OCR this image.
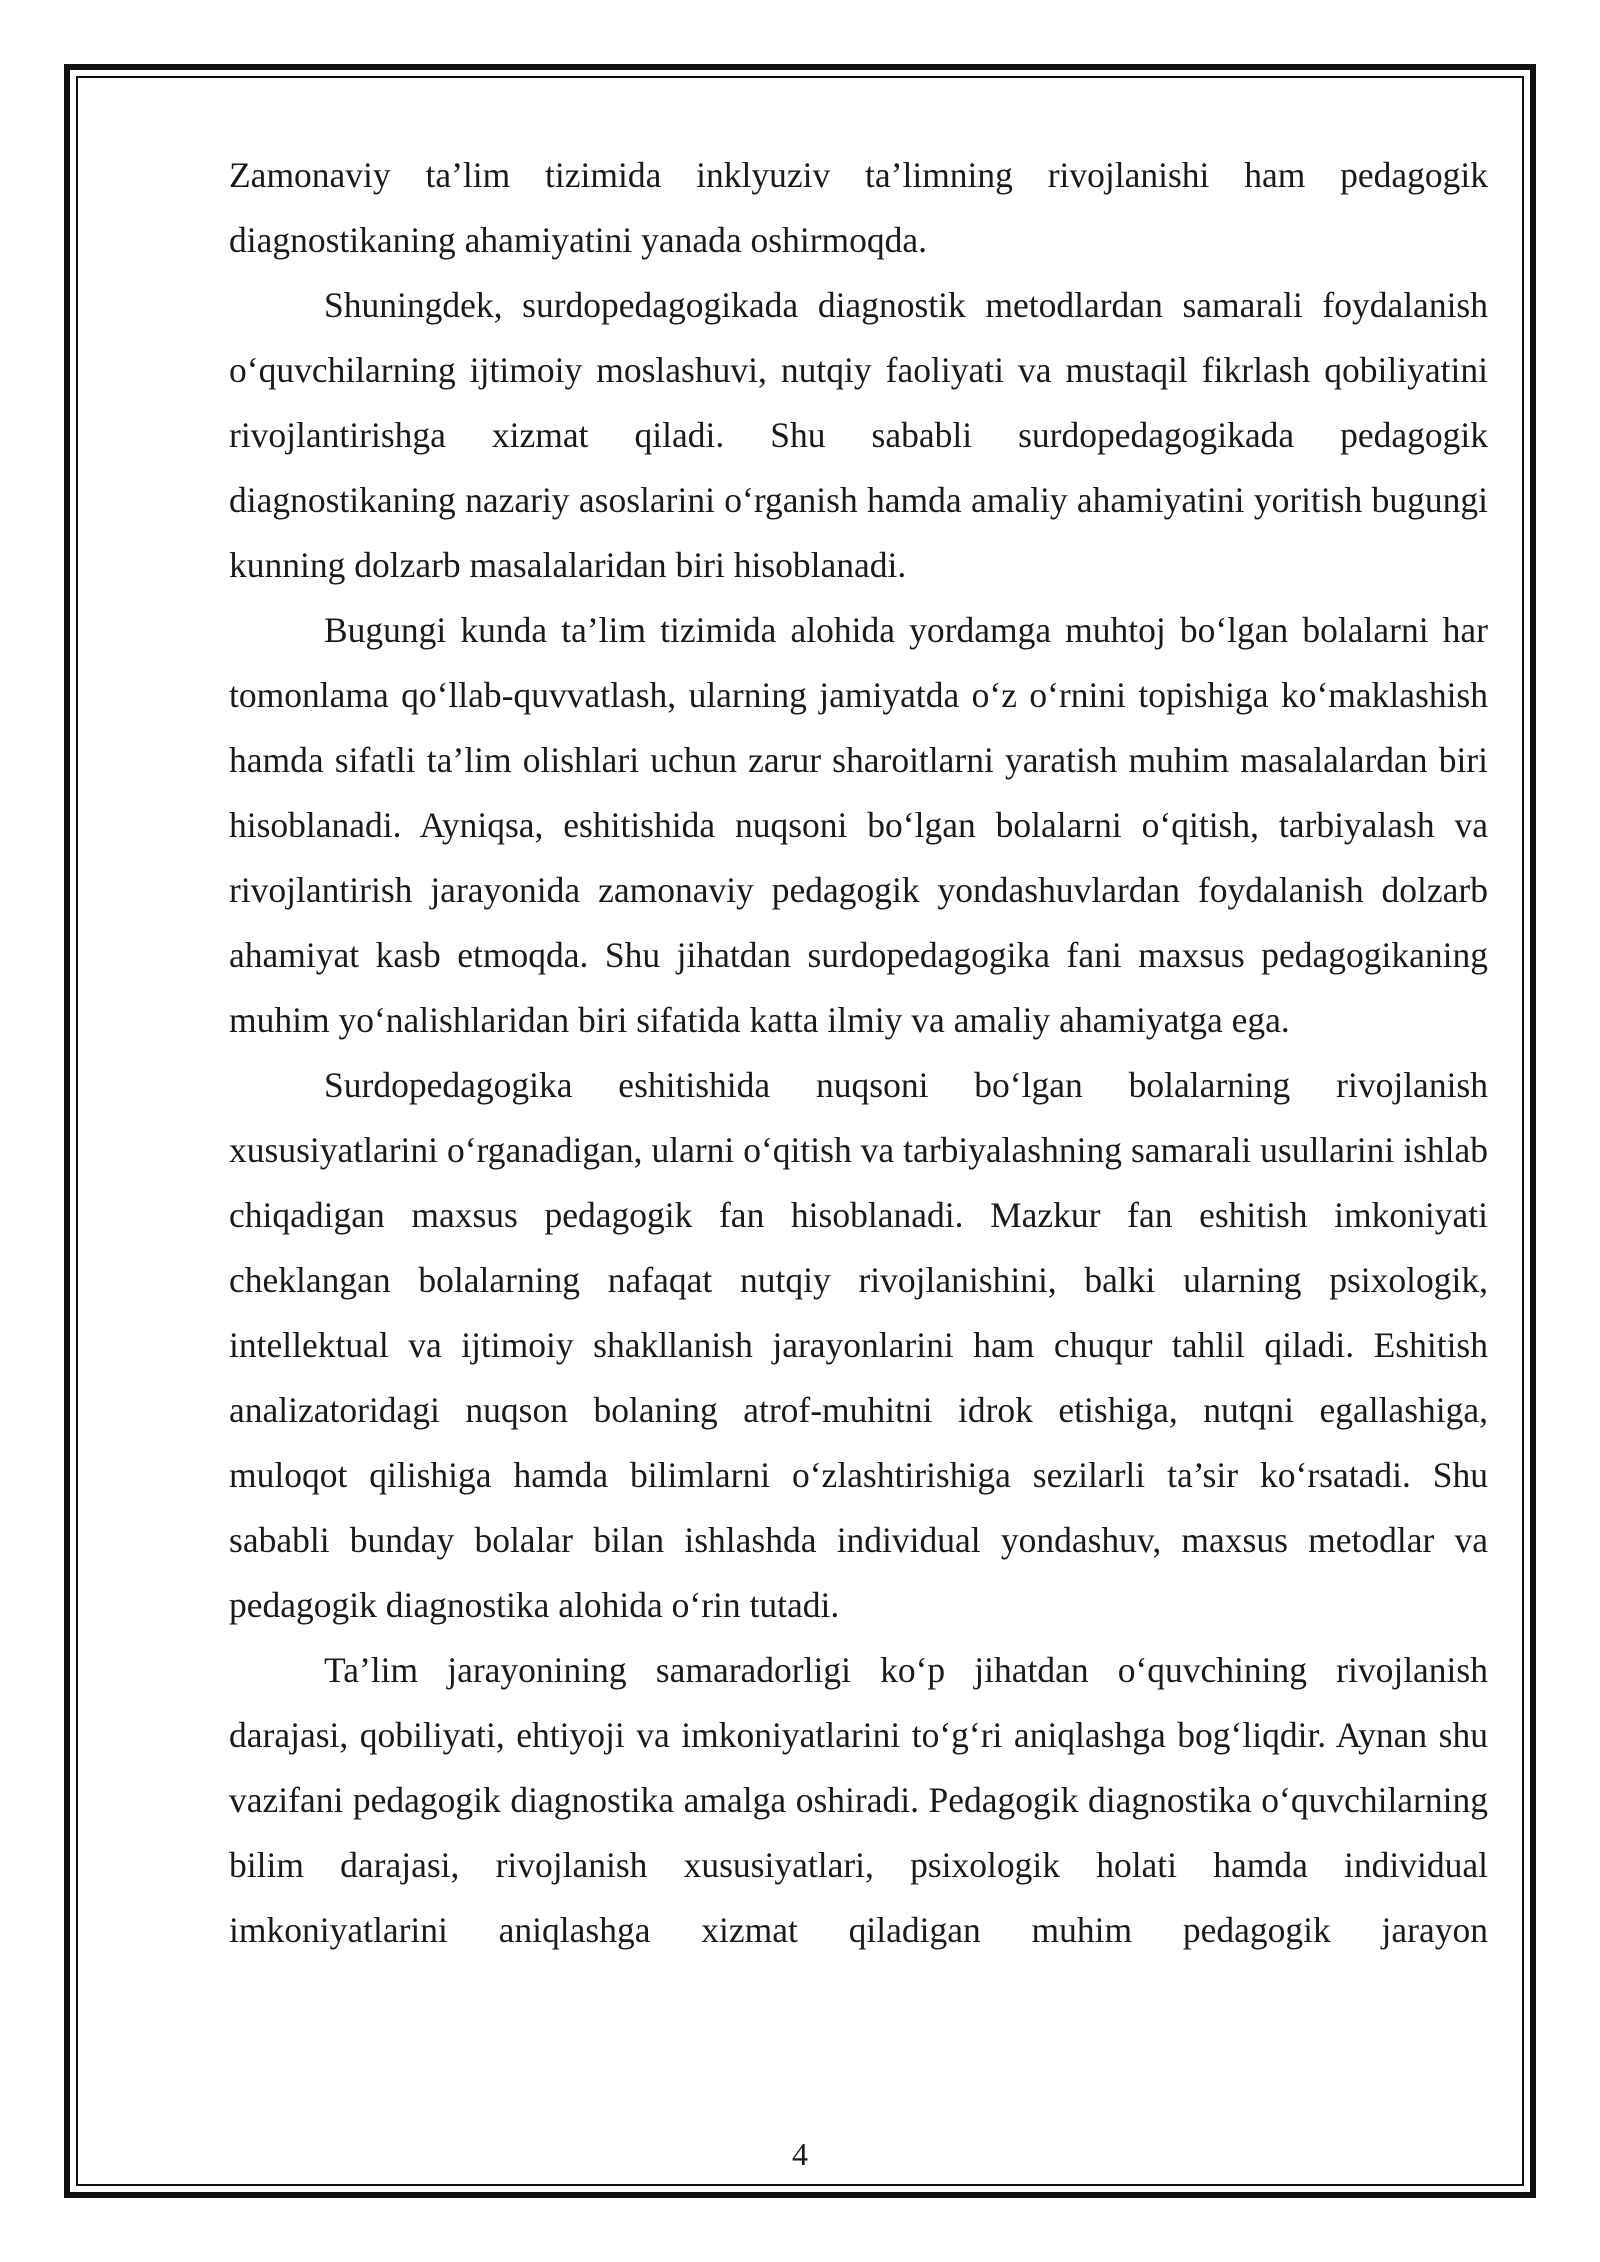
Zamonaviy ta’lim tizimida inklyuziv ta’limning rivojlanishi ham pedagogik diagnostikaning ahamiyatini yanada oshirmoqda.

Shuningdek, surdopedagogikada diagnostik metodlardan samarali foydalanish o‘quvchilarning ijtimoiy moslashuvi, nutqiy faoliyati va mustaqil fikrlash qobiliyatini rivojlantirishga xizmat qiladi. Shu sababli surdopedagogikada pedagogik diagnostikaning nazariy asoslarini o‘rganish hamda amaliy ahamiyatini yoritish bugungi kunning dolzarb masalalaridan biri hisoblanadi.

Bugungi kunda ta’lim tizimida alohida yordamga muhtoj bo‘lgan bolalarni har tomonlama qo‘llab-quvvatlash, ularning jamiyatda o‘z o‘rnini topishiga ko‘maklashish hamda sifatli ta’lim olishlari uchun zarur sharoitlarni yaratish muhim masalalardan biri hisoblanadi. Ayniqsa, eshitishida nuqsoni bo‘lgan bolalarni o‘qitish, tarbiyalash va rivojlantirish jarayonida zamonaviy pedagogik yondashuvlardan foydalanish dolzarb ahamiyat kasb etmoqda. Shu jihatdan surdopedagogika fani maxsus pedagogikaning muhim yo‘nalishlaridan biri sifatida katta ilmiy va amaliy ahamiyatga ega.

Surdopedagogika eshitishida nuqsoni bo‘lgan bolalarning rivojlanish xususiyatlarini o‘rganadigan, ularni o‘qitish va tarbiyalashning samarali usullarini ishlab chiqadigan maxsus pedagogik fan hisoblanadi. Mazkur fan eshitish imkoniyati cheklangan bolalarning nafaqat nutqiy rivojlanishini, balki ularning psixologik, intellektual va ijtimoiy shakllanish jarayonlarini ham chuqur tahlil qiladi. Eshitish analizatoridagi nuqson bolaning atrof-muhitni idrok etishiga, nutqni egallashiga, muloqot qilishiga hamda bilimlarni o‘zlashtirishiga sezilarli ta’sir ko‘rsatadi. Shu sababli bunday bolalar bilan ishlashda individual yondashuv, maxsus metodlar va pedagogik diagnostika alohida o‘rin tutadi.

Ta’lim jarayonining samaradorligi ko‘p jihatdan o‘quvchining rivojlanish darajasi, qobiliyati, ehtiyoji va imkoniyatlarini to‘g‘ri aniqlashga bog‘liqdir. Aynan shu vazifani pedagogik diagnostika amalga oshiradi. Pedagogik diagnostika o‘quvchilarning bilim darajasi, rivojlanish xususiyatlari, psixologik holati hamda individual imkoniyatlarini aniqlashga xizmat qiladigan muhim pedagogik jarayon

4
